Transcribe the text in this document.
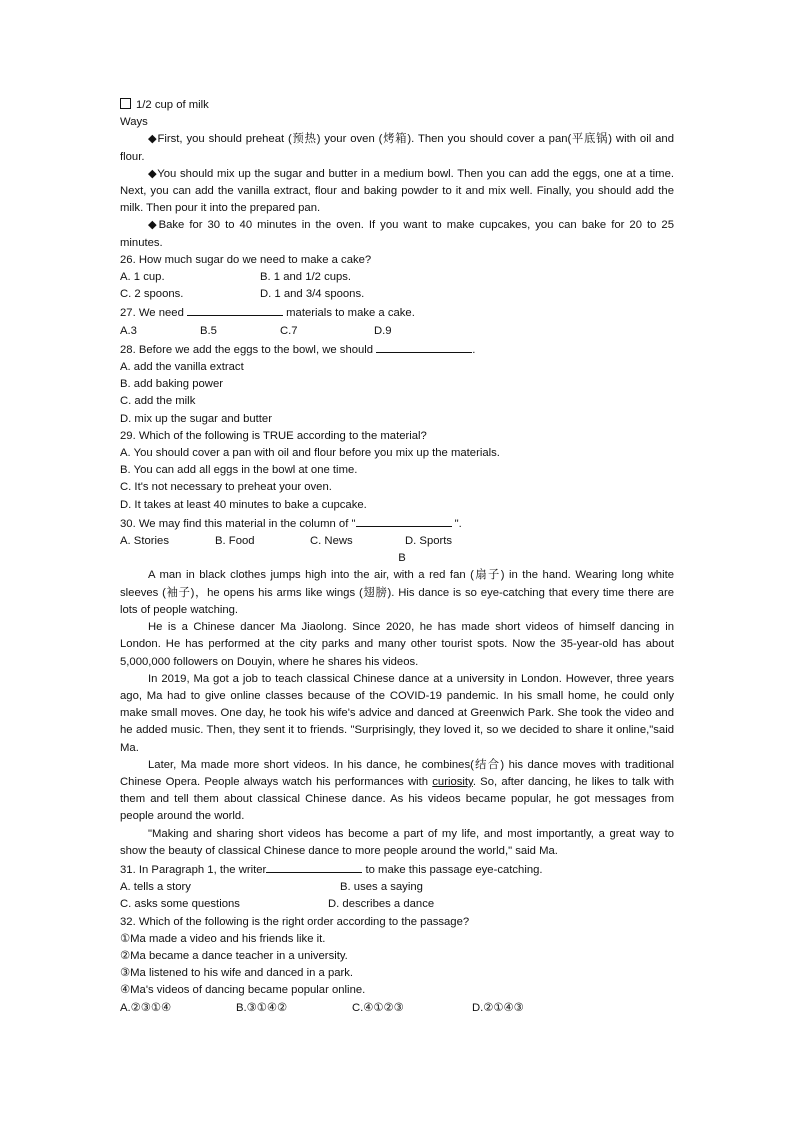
1/2 cup of milk

Ways

◆First, you should preheat (预热) your oven (烤箱). Then you should cover a pan(平底锅) with oil and flour.

◆You should mix up the sugar and butter in a medium bowl. Then you can add the eggs, one at a time. Next, you can add the vanilla extract, flour and baking powder to it and mix well. Finally, you should add the milk. Then pour it into the prepared pan.

◆Bake for 30 to 40 minutes in the oven. If you want to make cupcakes, you can bake for 20 to 25 minutes.

26. How much sugar do we need to make a cake?

A. 1 cup.	B. 1 and 1/2 cups.
C. 2 spoons.	D. 1 and 3/4 spoons.

27. We need	materials to make a cake.

A.3	B.5	C.7	D.9

28. Before we add the eggs to the bowl, we should	.

A. add the vanilla extract

B. add baking power

C. add the milk

D. mix up the sugar and butter

29. Which of the following is TRUE according to the material?

A. You should cover a pan with oil and flour before you mix up the materials.

B. You can add all eggs in the bowl at one time.

C. It's not necessary to preheat your oven.

D. It takes at least 40 minutes to bake a cupcake.

30. We may find this material in the column of "	".

A. Stories	B. Food	C. News	D. Sports

B

A man in black clothes jumps high into the air, with a red fan (扇子) in the hand. Wearing long white sleeves (袖子)，he opens his arms like wings (翅膀). His dance is so eye-catching that every time there are lots of people watching.

He is a Chinese dancer Ma Jiaolong. Since 2020, he has made short videos of himself dancing in London. He has performed at the city parks and many other tourist spots. Now the 35-year-old has about 5,000,000 followers on Douyin, where he shares his videos.

In 2019, Ma got a job to teach classical Chinese dance at a university in London. However, three years ago, Ma had to give online classes because of the COVID-19 pandemic. In his small home, he could only make small moves. One day, he took his wife's advice and danced at Greenwich Park. She took the video and he added music. Then, they sent it to friends. "Surprisingly, they loved it, so we decided to share it online,"said Ma.

Later, Ma made more short videos. In his dance, he combines(结合) his dance moves with traditional Chinese Opera. People always watch his performances with curiosity. So, after dancing, he likes to talk with them and tell them about classical Chinese dance. As his videos became popular, he got messages from people around the world.

"Making and sharing short videos has become a part of my life, and most importantly, a great way to show the beauty of classical Chinese dance to more people around the world," said Ma.

31. In Paragraph 1, the writer	to make this passage eye-catching.

A. tells a story	B. uses a saying
C. asks some questions	D. describes a dance

32. Which of the following is the right order according to the passage?

①Ma made a video and his friends like it.

②Ma became a dance teacher in a university.

③Ma listened to his wife and danced in a park.

④Ma's videos of dancing became popular online.

A.②③①④	B.③①④②	C.④①②③	D.②①④③
